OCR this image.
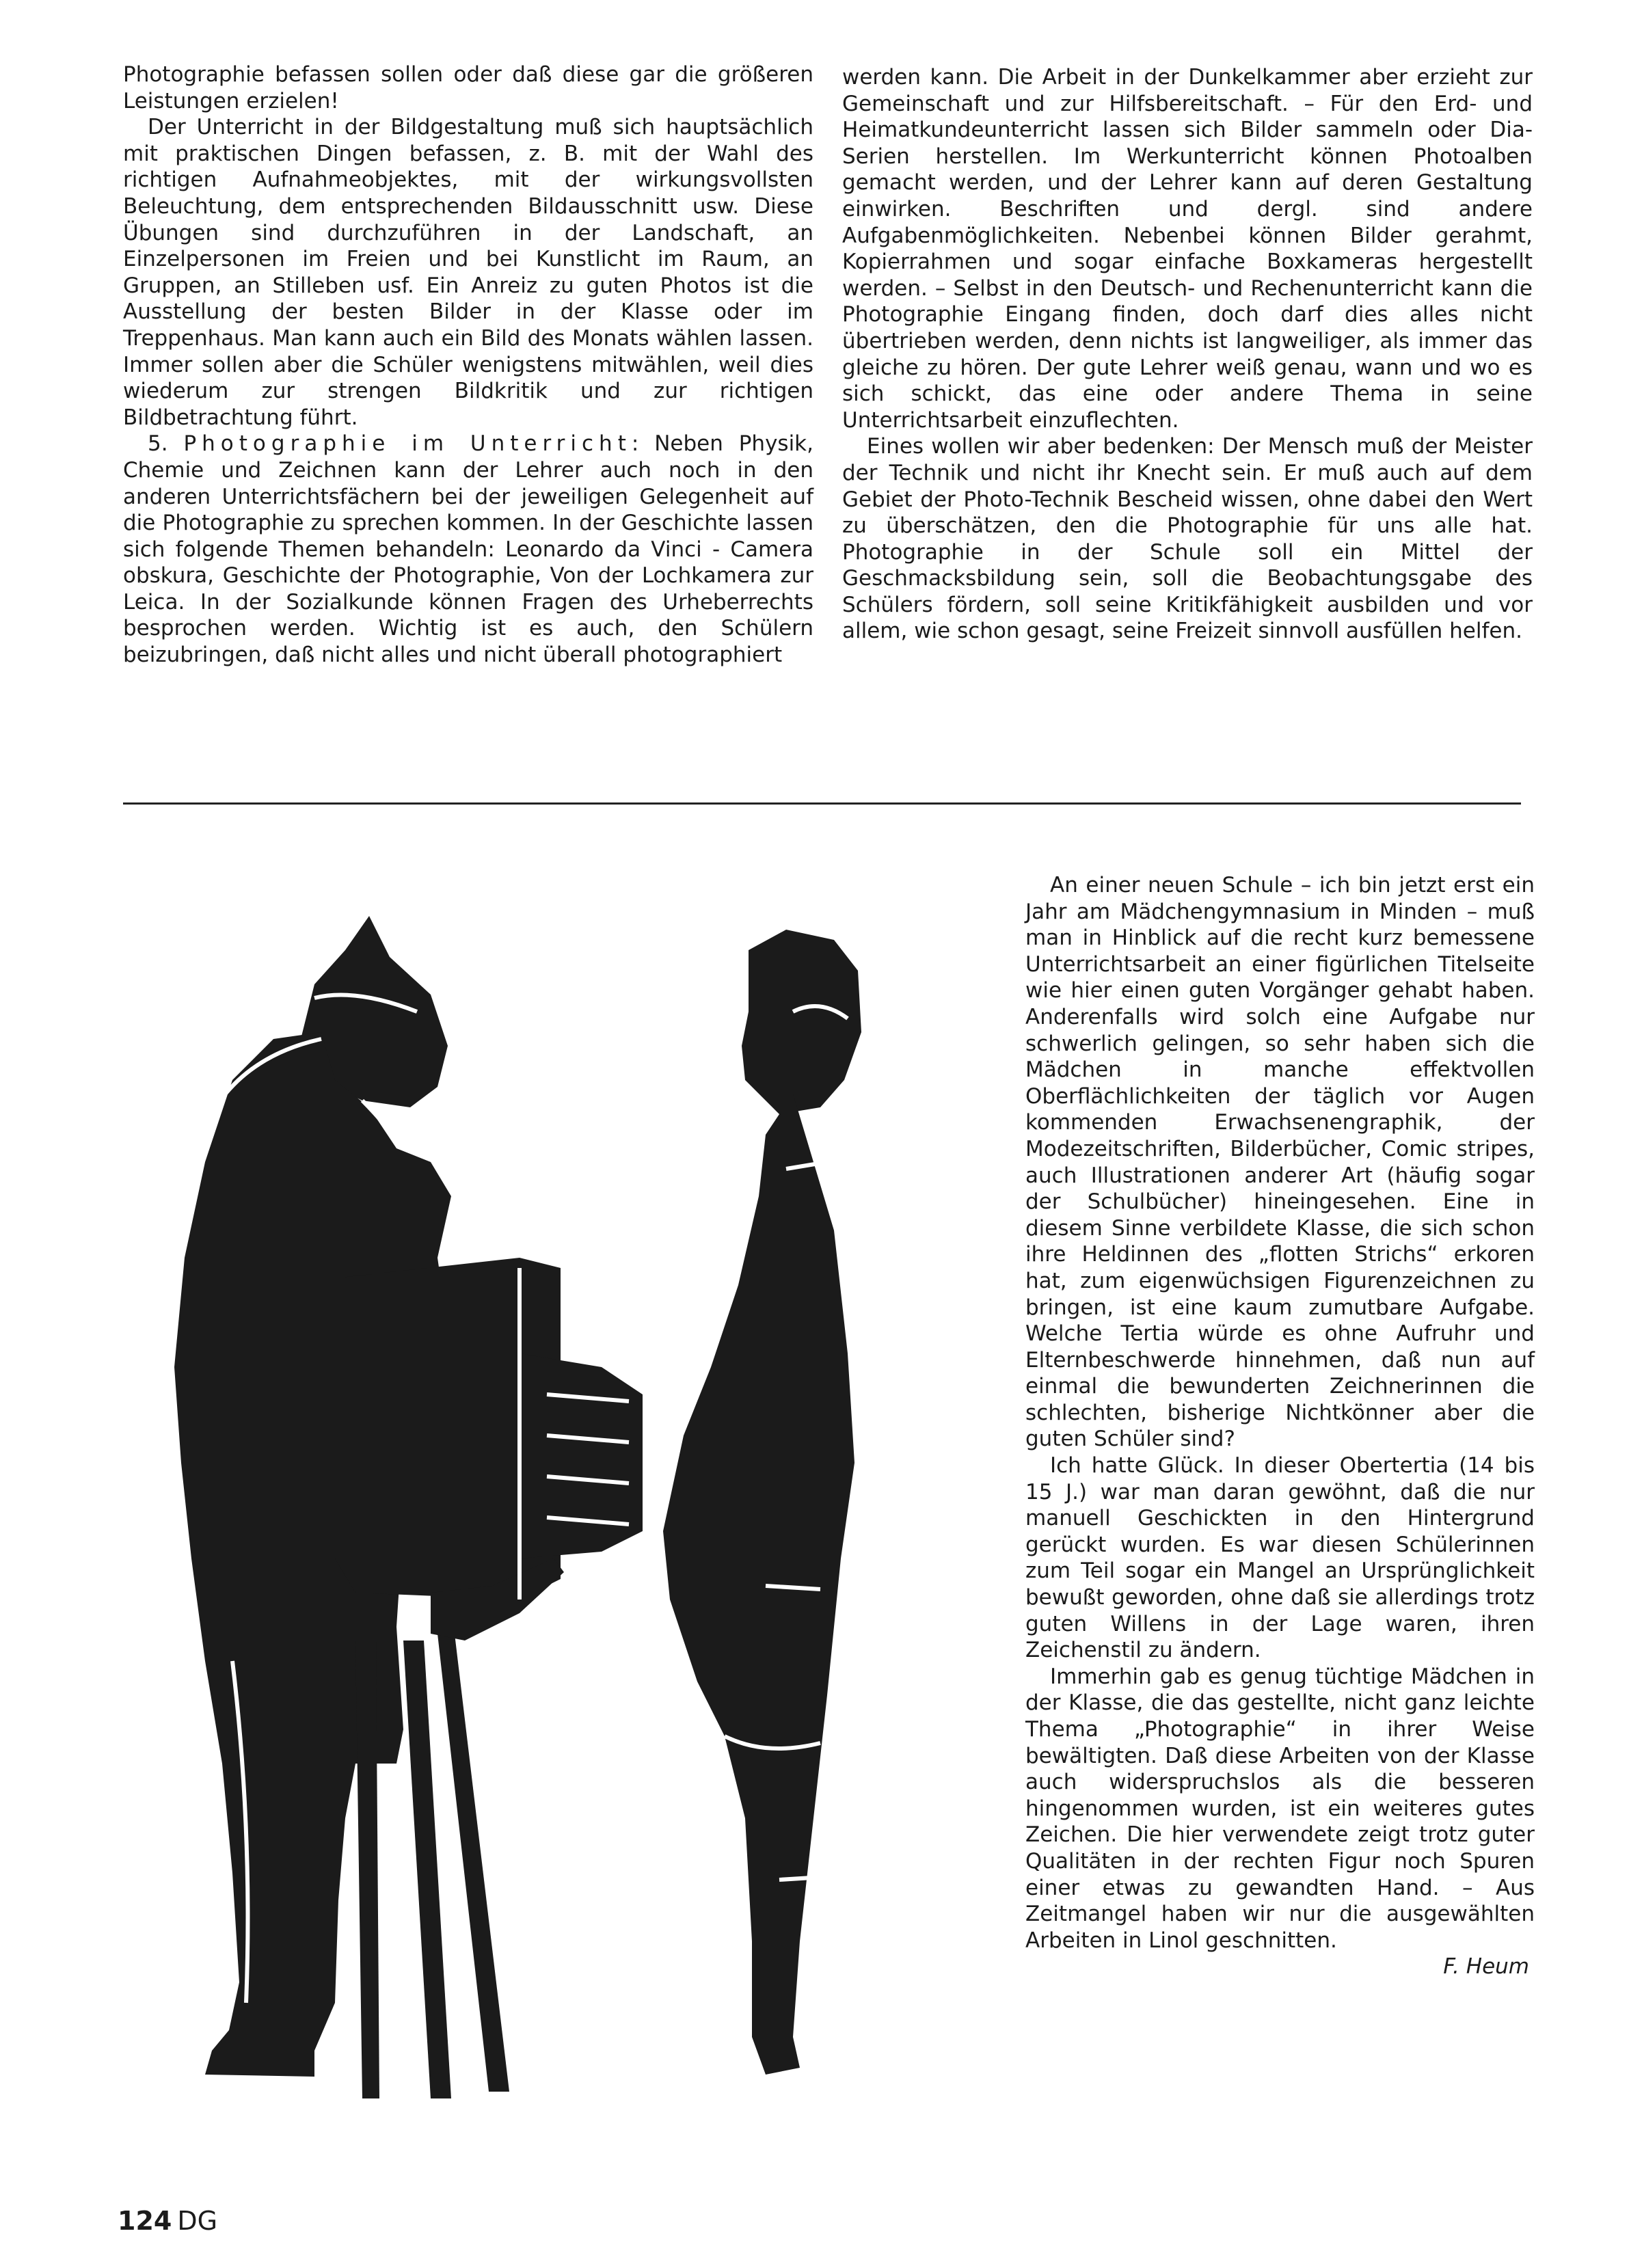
Photographie befassen sollen oder daß diese gar die größeren Leistungen erzielen!

Der Unterricht in der Bildgestaltung muß sich hauptsächlich mit praktischen Dingen befassen, z. B. mit der Wahl des richtigen Aufnahmeobjektes, mit der wirkungsvollsten Beleuchtung, dem entsprechenden Bildausschnitt usw. Diese Übungen sind durchzuführen in der Landschaft, an Einzelpersonen im Freien und bei Kunstlicht im Raum, an Gruppen, an Stilleben usf. Ein Anreiz zu guten Photos ist die Ausstellung der besten Bilder in der Klasse oder im Treppenhaus. Man kann auch ein Bild des Monats wählen lassen. Immer sollen aber die Schüler wenigstens mitwählen, weil dies wiederum zur strengen Bildkritik und zur richtigen Bildbetrachtung führt.

5. Photographie im Unterricht: Neben Physik, Chemie und Zeichnen kann der Lehrer auch noch in den anderen Unterrichtsfächern bei der jeweiligen Gelegenheit auf die Photographie zu sprechen kommen. In der Geschichte lassen sich folgende Themen behandeln: Leonardo da Vinci - Camera obskura, Geschichte der Photographie, Von der Lochkamera zur Leica. In der Sozialkunde können Fragen des Urheberrechts besprochen werden. Wichtig ist es auch, den Schülern beizubringen, daß nicht alles und nicht überall photographiert

werden kann. Die Arbeit in der Dunkelkammer aber erzieht zur Gemeinschaft und zur Hilfsbereitschaft. – Für den Erd- und Heimatkundeunterricht lassen sich Bilder sammeln oder Dia-Serien herstellen. Im Werkunterricht können Photoalben gemacht werden, und der Lehrer kann auf deren Gestaltung einwirken. Beschriften und dergl. sind andere Aufgabenmöglichkeiten. Nebenbei können Bilder gerahmt, Kopierrahmen und sogar einfache Boxkameras hergestellt werden. – Selbst in den Deutsch- und Rechenunterricht kann die Photographie Eingang finden, doch darf dies alles nicht übertrieben werden, denn nichts ist langweiliger, als immer das gleiche zu hören. Der gute Lehrer weiß genau, wann und wo es sich schickt, das eine oder andere Thema in seine Unterrichtsarbeit einzuflechten.

Eines wollen wir aber bedenken: Der Mensch muß der Meister der Technik und nicht ihr Knecht sein. Er muß auch auf dem Gebiet der Photo-Technik Bescheid wissen, ohne dabei den Wert zu überschätzen, den die Photographie für uns alle hat. Photographie in der Schule soll ein Mittel der Geschmacksbildung sein, soll die Beobachtungsgabe des Schülers fördern, soll seine Kritikfähigkeit ausbilden und vor allem, wie schon gesagt, seine Freizeit sinnvoll ausfüllen helfen.

An einer neuen Schule – ich bin jetzt erst ein Jahr am Mädchengymnasium in Minden – muß man in Hinblick auf die recht kurz bemessene Unterrichtsarbeit an einer figürlichen Titelseite wie hier einen guten Vorgänger gehabt haben. Anderenfalls wird solch eine Aufgabe nur schwerlich gelingen, so sehr haben sich die Mädchen in manche effektvollen Oberflächlichkeiten der täglich vor Augen kommenden Erwachsenengraphik, der Modezeitschriften, Bilderbücher, Comic stripes, auch Illustrationen anderer Art (häufig sogar der Schulbücher) hineingesehen. Eine in diesem Sinne verbildete Klasse, die sich schon ihre Heldinnen des „flotten Strichs“ erkoren hat, zum eigenwüchsigen Figurenzeichnen zu bringen, ist eine kaum zumutbare Aufgabe. Welche Tertia würde es ohne Aufruhr und Elternbeschwerde hinnehmen, daß nun auf einmal die bewunderten Zeichnerinnen die schlechten, bisherige Nichtkönner aber die guten Schüler sind?

Ich hatte Glück. In dieser Obertertia (14 bis 15 J.) war man daran gewöhnt, daß die nur manuell Geschickten in den Hintergrund gerückt wurden. Es war diesen Schülerinnen zum Teil sogar ein Mangel an Ursprünglichkeit bewußt geworden, ohne daß sie allerdings trotz guten Willens in der Lage waren, ihren Zeichenstil zu ändern.

Immerhin gab es genug tüchtige Mädchen in der Klasse, die das gestellte, nicht ganz leichte Thema „Photographie“ in ihrer Weise bewältigten. Daß diese Arbeiten von der Klasse auch widerspruchslos als die besseren hingenommen wurden, ist ein weiteres gutes Zeichen. Die hier verwendete zeigt trotz guter Qualitäten in der rechten Figur noch Spuren einer etwas zu gewandten Hand. – Aus Zeitmangel haben wir nur die ausgewählten Arbeiten in Linol geschnitten.

F. Heum

124 DG
